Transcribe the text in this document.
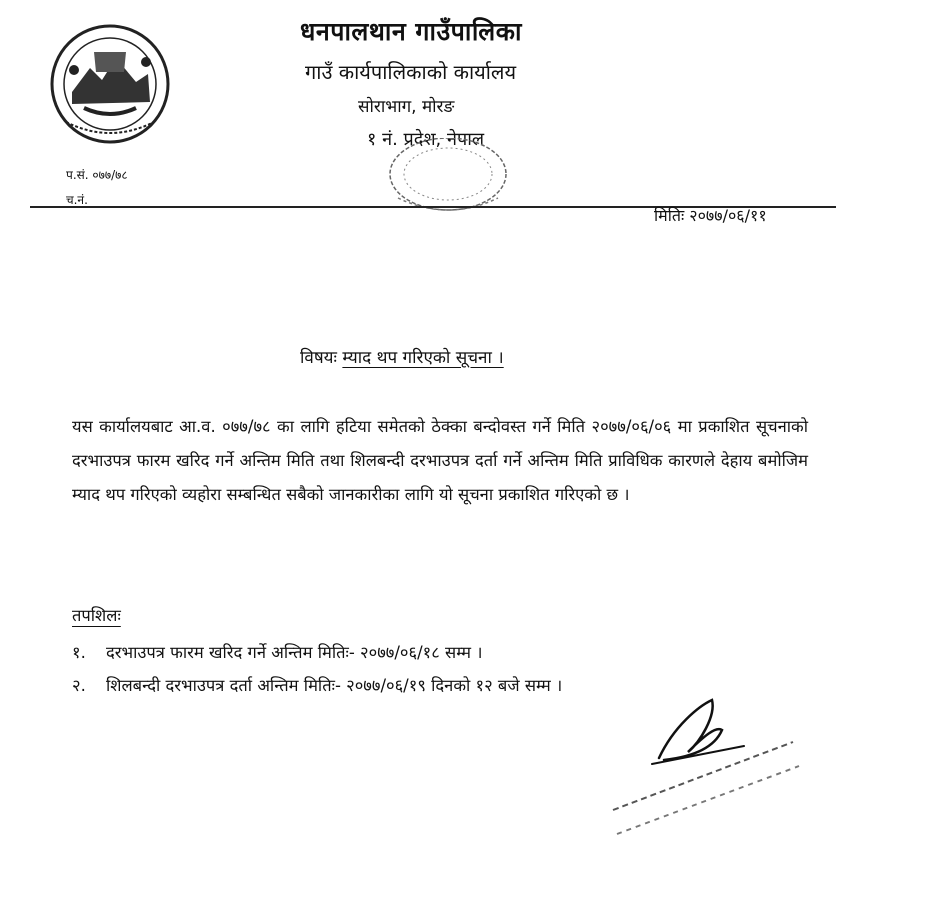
धनपालथान गाउँपालिका
गाउँ कार्यपालिकाको कार्यालय
सोराभाग, मोरङ
१ नं. प्रदेश, नेपाल
प.सं. ०७७/७८
च.नं.
मितिः २०७७/०६/११
विषयः म्याद थप गरिएको सूचना ।
यस कार्यालयबाट आ.व. ०७७/७८ का लागि हटिया समेतको ठेक्का बन्दोवस्त गर्ने मिति २०७७/०६/०६ मा प्रकाशित सूचनाको दरभाउपत्र फारम खरिद गर्ने अन्तिम मिति तथा शिलबन्दी दरभाउपत्र दर्ता गर्ने अन्तिम मिति प्राविधिक कारणले देहाय बमोजिम म्याद थप गरिएको व्यहोरा सम्बन्धित सबैको जानकारीका लागि यो सूचना प्रकाशित गरिएको छ ।
तपशिलः
१. दरभाउपत्र फारम खरिद गर्ने अन्तिम मितिः- २०७७/०६/१८ सम्म ।
२. शिलबन्दी दरभाउपत्र दर्ता अन्तिम मितिः- २०७७/०६/१९ दिनको १२ बजे सम्म ।
